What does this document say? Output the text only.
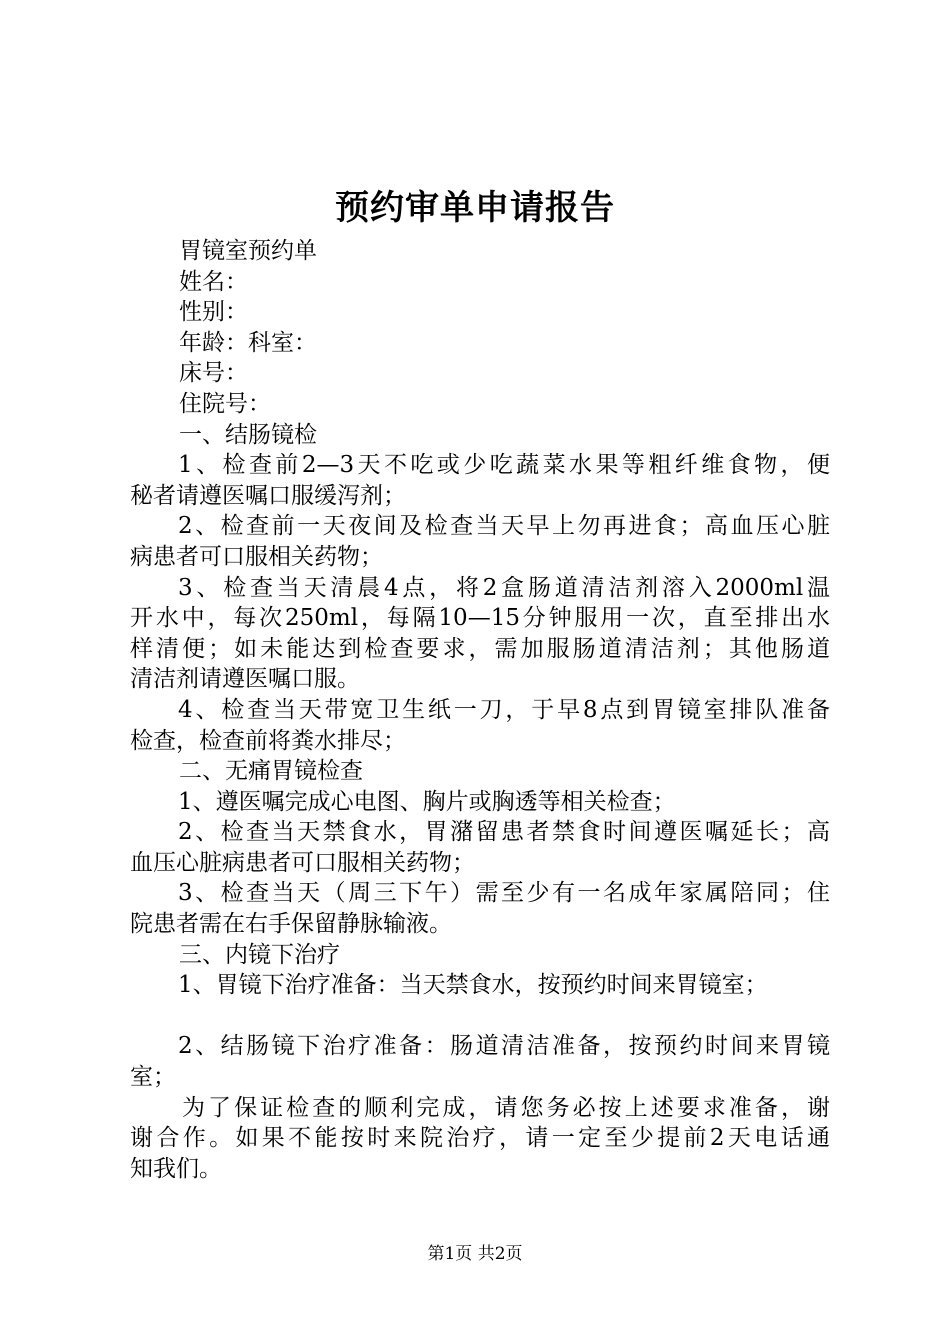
预约审单申请报告
胃镜室预约单
姓名：
性别：
年龄：科室：
床号：
住院号：
一、结肠镜检
1、检查前2—3天不吃或少吃蔬菜水果等粗纤维食物，便
秘者请遵医嘱口服缓泻剂；
2、检查前一天夜间及检查当天早上勿再进食；高血压心脏
病患者可口服相关药物；
3、检查当天清晨4点，将2盒肠道清洁剂溶入2000ml温
开水中，每次250ml，每隔10—15分钟服用一次，直至排出水
样清便；如未能达到检查要求，需加服肠道清洁剂；其他肠道
清洁剂请遵医嘱口服。
4、检查当天带宽卫生纸一刀，于早8点到胃镜室排队准备
检查，检查前将粪水排尽；
二、无痛胃镜检查
1、遵医嘱完成心电图、胸片或胸透等相关检查；
2、检查当天禁食水，胃潴留患者禁食时间遵医嘱延长；高
血压心脏病患者可口服相关药物；
3、检查当天（周三下午）需至少有一名成年家属陪同；住
院患者需在右手保留静脉输液。
三、内镜下治疗
1、胃镜下治疗准备：当天禁食水，按预约时间来胃镜室；
2、结肠镜下治疗准备：肠道清洁准备，按预约时间来胃镜
室；
为了保证检查的顺利完成，请您务必按上述要求准备，谢
谢合作。如果不能按时来院治疗，请一定至少提前2天电话通
知我们。
第1页 共2页
